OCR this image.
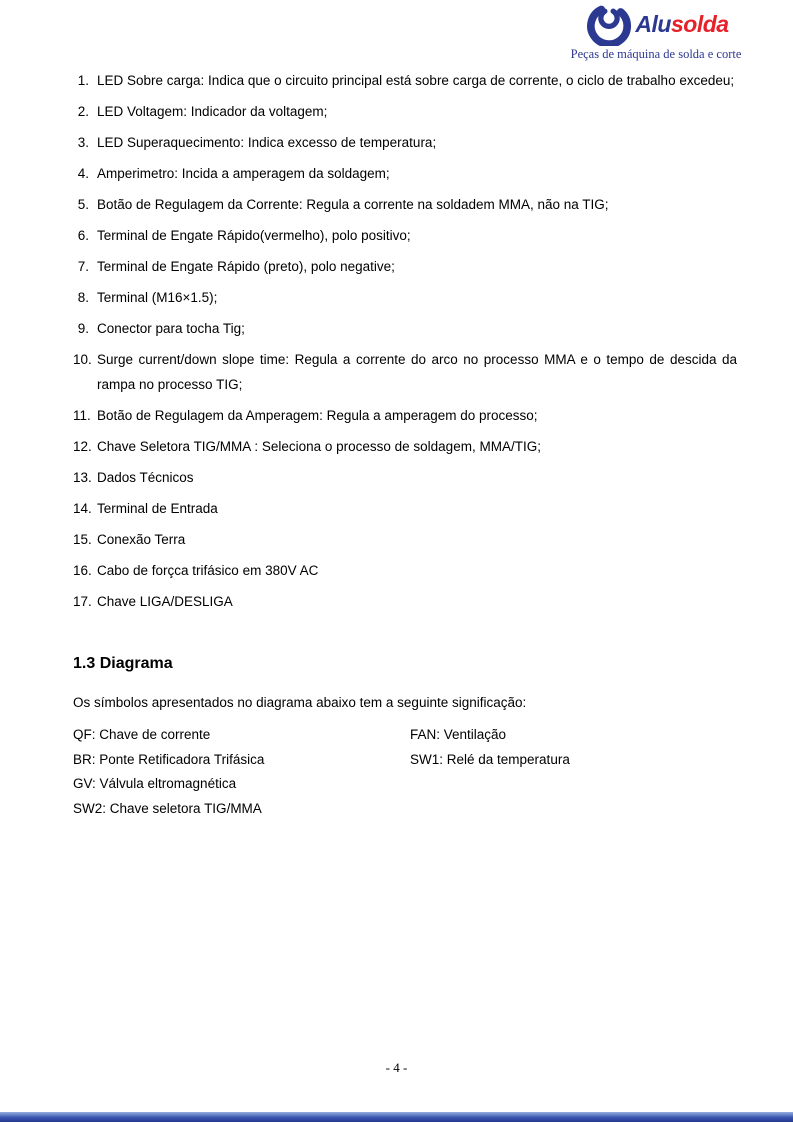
Alusolda
Peças de máquina de solda e corte
1. LED Sobre carga: Indica que o circuito principal está sobre carga de corrente, o ciclo de trabalho excedeu;
2. LED Voltagem: Indicador da voltagem;
3. LED Superaquecimento: Indica excesso de temperatura;
4. Amperimetro: Incida a amperagem da soldagem;
5. Botão de Regulagem da Corrente: Regula a corrente na soldadem MMA, não na TIG;
6. Terminal de Engate Rápido(vermelho), polo positivo;
7. Terminal de Engate Rápido (preto), polo negative;
8. Terminal (M16×1.5);
9. Conector para tocha Tig;
10. Surge current/down slope time: Regula a corrente do arco no processo MMA e o tempo de descida da
rampa no processo TIG;
11. Botão de Regulagem da Amperagem: Regula a amperagem do processo;
12. Chave Seletora TIG/MMA : Seleciona o processo de soldagem, MMA/TIG;
13. Dados Técnicos
14. Terminal de Entrada
15. Conexão Terra
16. Cabo de forçca trifásico em 380V AC
17. Chave LIGA/DESLIGA
1.3 Diagrama
Os símbolos apresentados no diagrama abaixo tem a seguinte significação:
QF: Chave de corrente
BR: Ponte Retificadora Trifásica
GV: Válvula eltromagnética
SW2: Chave seletora TIG/MMA
FAN: Ventilação
SW1: Relé da temperatura
- 4 -
